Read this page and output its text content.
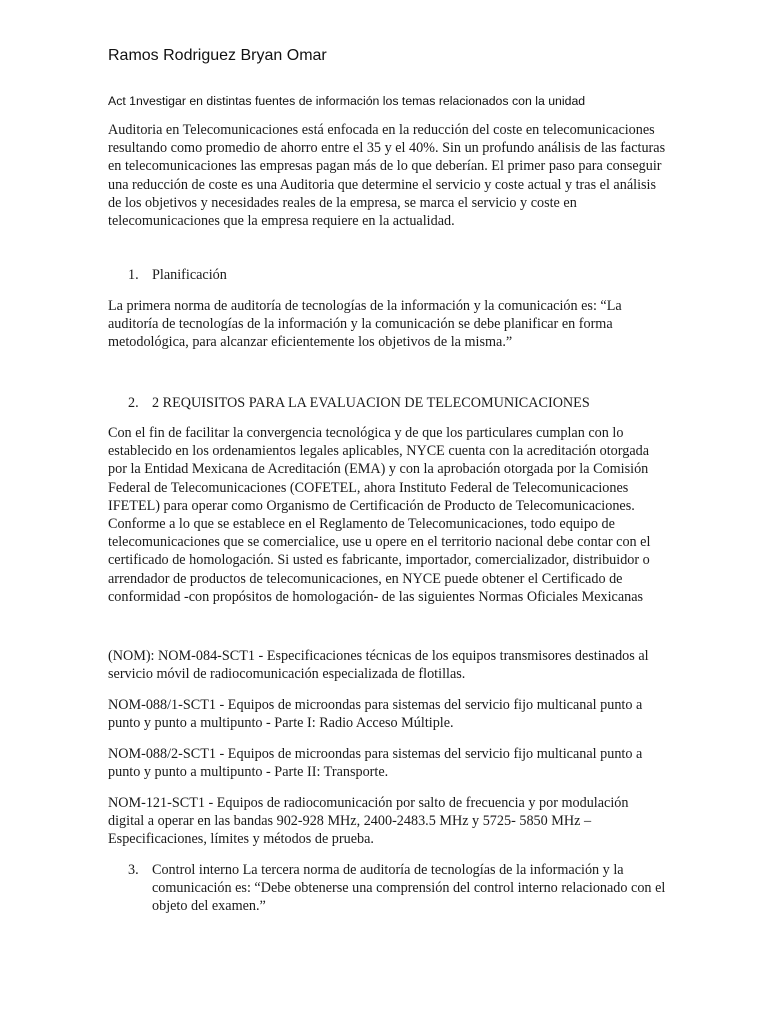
Ramos Rodriguez Bryan Omar
Act 1nvestigar en distintas fuentes de información los temas relacionados con la unidad

Auditoria en Telecomunicaciones está enfocada en la reducción del coste en telecomunicaciones resultando como promedio de ahorro entre el 35 y el 40%. Sin un profundo análisis de las facturas en telecomunicaciones las empresas pagan más de lo que deberían. El primer paso para conseguir una reducción de coste es una Auditoria que determine el servicio y coste actual y tras el análisis de los objetivos y necesidades reales de la empresa, se marca el servicio y coste en telecomunicaciones que la empresa requiere en la actualidad.

1. Planificación

La primera norma de auditoría de tecnologías de la información y la comunicación es: “La auditoría de tecnologías de la información y la comunicación se debe planificar en forma metodológica, para alcanzar eficientemente los objetivos de la misma.”

2. 2 REQUISITOS PARA LA EVALUACION DE TELECOMUNICACIONES

Con el fin de facilitar la convergencia tecnológica y de que los particulares cumplan con lo establecido en los ordenamientos legales aplicables, NYCE cuenta con la acreditación otorgada por la Entidad Mexicana de Acreditación (EMA) y con la aprobación otorgada por la Comisión Federal de Telecomunicaciones (COFETEL, ahora Instituto Federal de Telecomunicaciones IFETEL) para operar como Organismo de Certificación de Producto de Telecomunicaciones. Conforme a lo que se establece en el Reglamento de Telecomunicaciones, todo equipo de telecomunicaciones que se comercialice, use u opere en el territorio nacional debe contar con el certificado de homologación. Si usted es fabricante, importador, comercializador, distribuidor o arrendador de productos de telecomunicaciones, en NYCE puede obtener el Certificado de conformidad -con propósitos de homologación- de las siguientes Normas Oficiales Mexicanas

(NOM): NOM-084-SCT1 - Especificaciones técnicas de los equipos transmisores destinados al servicio móvil de radiocomunicación especializada de flotillas.

NOM-088/1-SCT1 - Equipos de microondas para sistemas del servicio fijo multicanal punto a punto y punto a multipunto - Parte I: Radio Acceso Múltiple.

NOM-088/2-SCT1 - Equipos de microondas para sistemas del servicio fijo multicanal punto a punto y punto a multipunto - Parte II: Transporte.

NOM-121-SCT1 - Equipos de radiocomunicación por salto de frecuencia y por modulación digital a operar en las bandas 902-928 MHz, 2400-2483.5 MHz y 5725- 5850 MHz – Especificaciones, límites y métodos de prueba.

3. Control interno La tercera norma de auditoría de tecnologías de la información y la comunicación es: “Debe obtenerse una comprensión del control interno relacionado con el objeto del examen.”
